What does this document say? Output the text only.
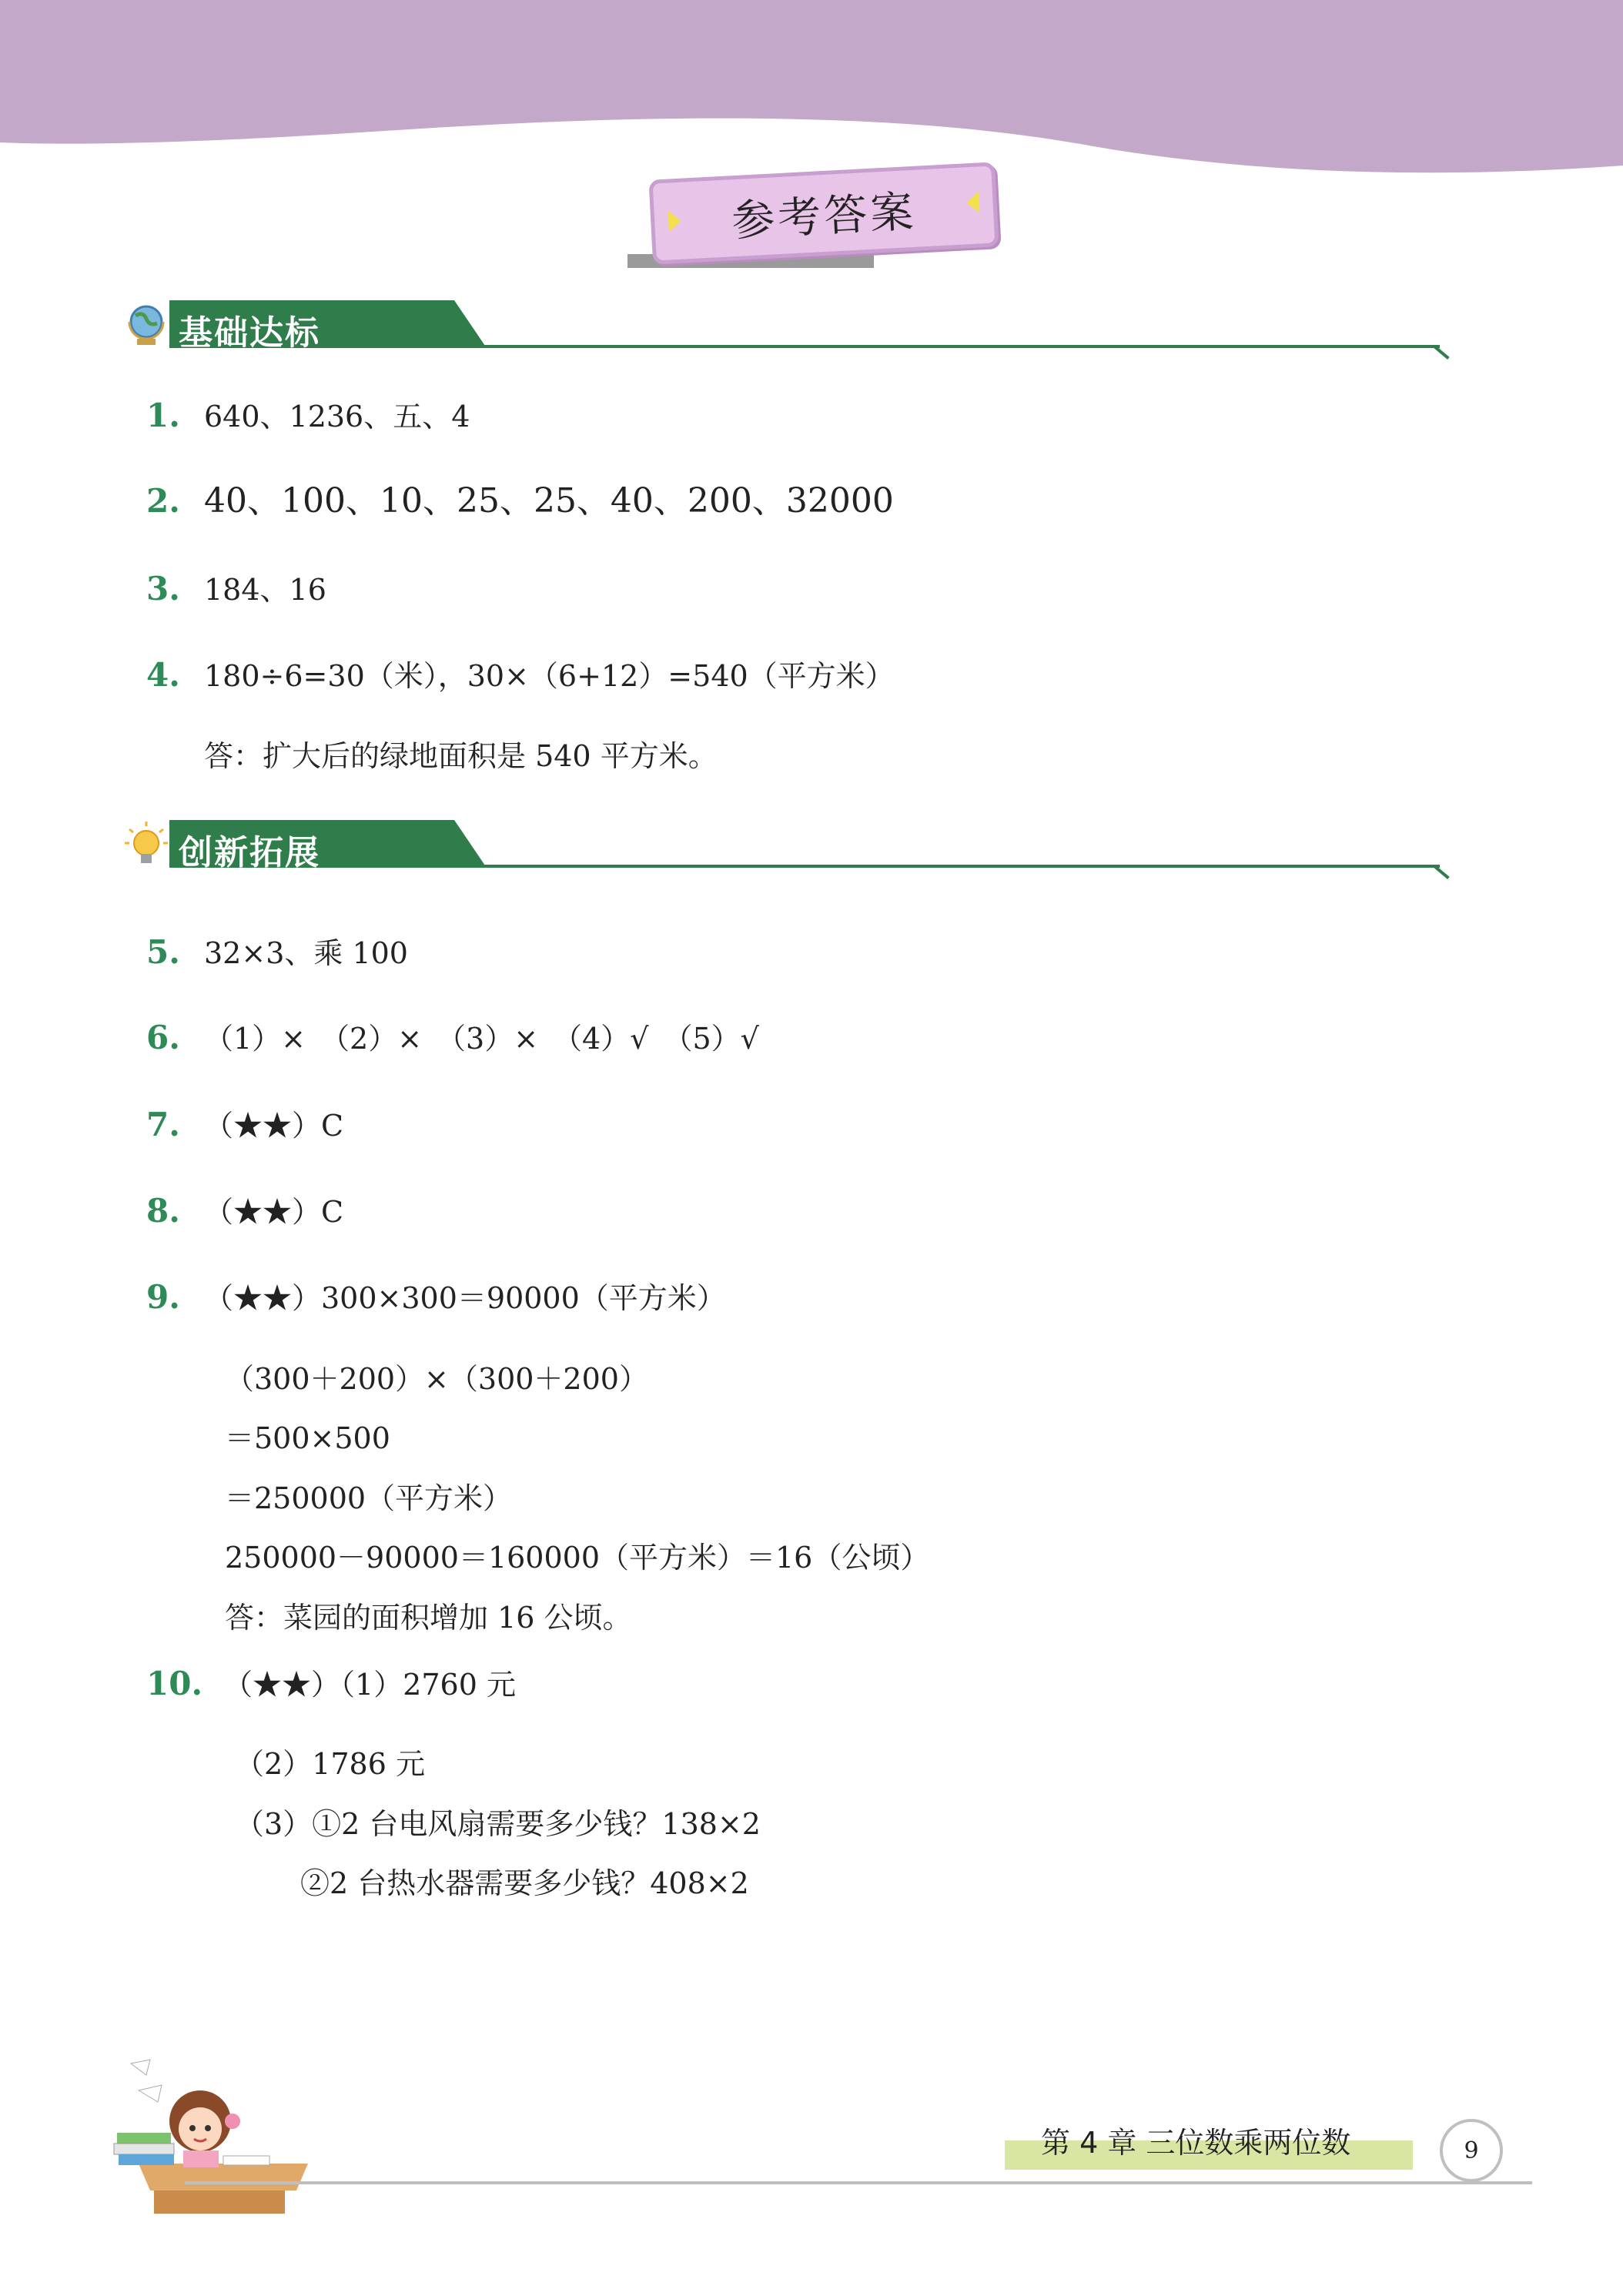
参考答案
基础达标
1. 640、1236、五、4
2. 40、100、10、25、25、40、200、32000
3. 184、16
4. 180÷6=30（米），30×（6+12）=540（平方米）
答：扩大后的绿地面积是 540 平方米。
创新拓展
5. 32×3、乘 100
6. （1）×　（2）×　（3）×　（4）√　（5）√
7. （★★）C
8. （★★）C
9. （★★）300×300＝90000（平方米）
（300＋200）×（300＋200）
＝500×500
＝250000（平方米）
250000－90000＝160000（平方米）＝16（公顷）
答：菜园的面积增加 16 公顷。
10. （★★）（1）2760 元
（2）1786 元
（3）①2 台电风扇需要多少钱？138×2
②2 台热水器需要多少钱？408×2
第 4 章 三位数乘两位数	9
